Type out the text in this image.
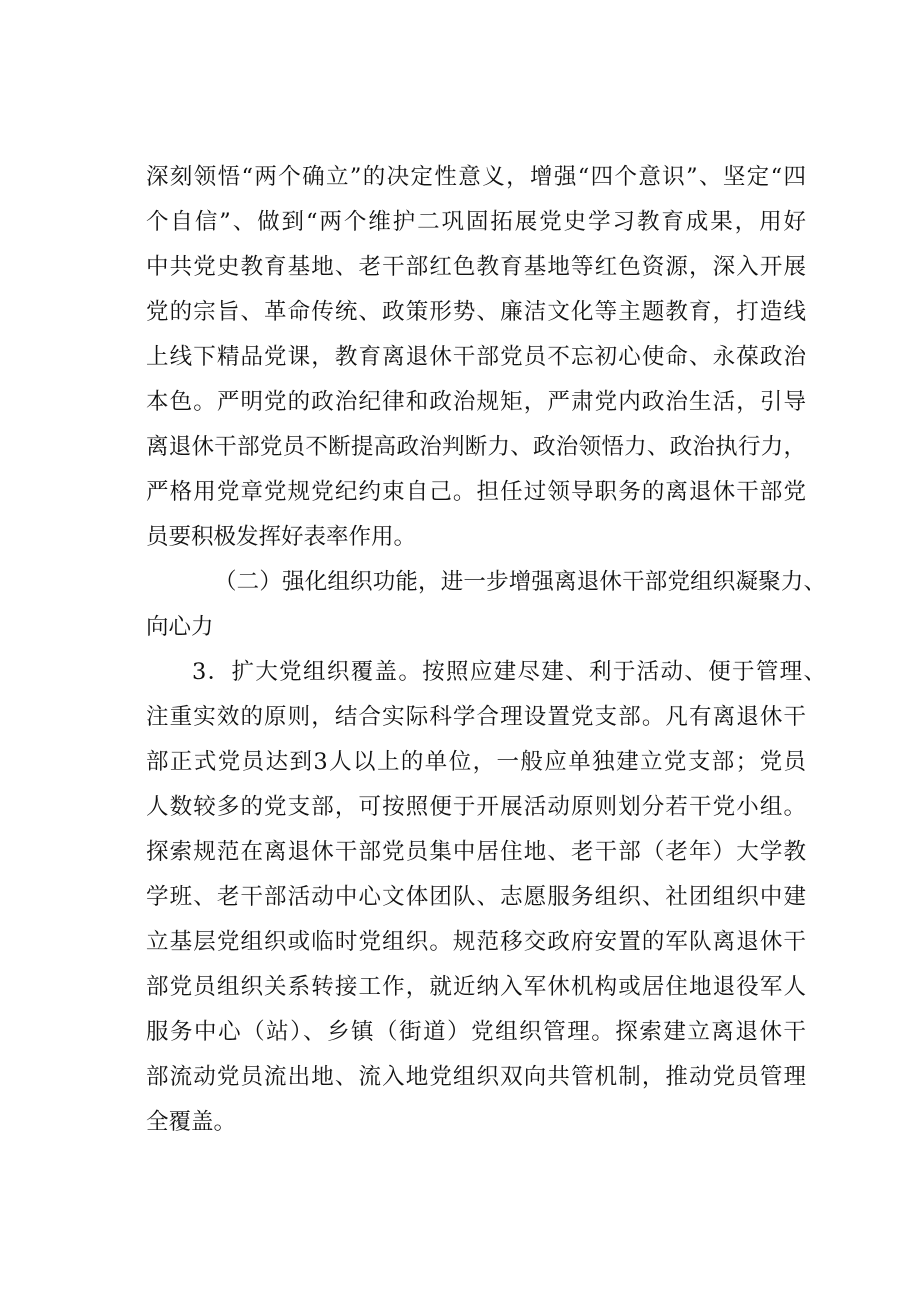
深刻领悟“两个确立”的决定性意义，增强“四个意识”、坚定“四
个自信”、做到“两个维护二巩固拓展党史学习教育成果，用好
中共党史教育基地、老干部红色教育基地等红色资源，深入开展
党的宗旨、革命传统、政策形势、廉洁文化等主题教育，打造线
上线下精品党课，教育离退休干部党员不忘初心使命、永葆政治
本色。严明党的政治纪律和政治规矩，严肃党内政治生活，引导
离退休干部党员不断提高政治判断力、政治领悟力、政治执行力，
严格用党章党规党纪约束自己。担任过领导职务的离退休干部党
员要积极发挥好表率作用。
（二）强化组织功能，进一步增强离退休干部党组织凝聚力、
向心力
3．扩大党组织覆盖。按照应建尽建、利于活动、便于管理、
注重实效的原则，结合实际科学合理设置党支部。凡有离退休干
部正式党员达到3人以上的单位，一般应单独建立党支部；党员
人数较多的党支部，可按照便于开展活动原则划分若干党小组。
探索规范在离退休干部党员集中居住地、老干部（老年）大学教
学班、老干部活动中心文体团队、志愿服务组织、社团组织中建
立基层党组织或临时党组织。规范移交政府安置的军队离退休干
部党员组织关系转接工作，就近纳入军休机构或居住地退役军人
服务中心（站）、乡镇（街道）党组织管理。探索建立离退休干
部流动党员流出地、流入地党组织双向共管机制，推动党员管理
全覆盖。
